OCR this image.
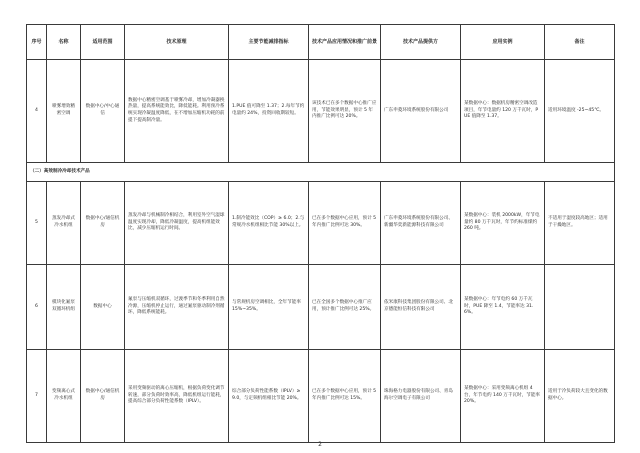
序号	名称	适用范围	技术原理	主要节能减排指标	技术产品应用情况和推广前景	技术产品提供方	应用实例	备注
4	喷雾增效精密空调	数据中心/中心通信	数据中心精密空调基于喷雾冷却，增加冷凝器换热量，提高系统能效比，降低能耗。利用预冷系统实现冷凝温度降低，在不增加压缩机功耗的前提下提高制冷量。	1.PUE 值可降至 1.37；2.每年节约电量约 24%，投资回收期较短。	该技术已在多个数据中心推广应用，节能效果明显，预计 5 年内推广比例可达 20%。	广东申菱环境系统股份有限公司	某数据中心：数据机房精密空调改造项目，年节电量约 120 万千瓦时，PUE 值降至 1.37。	适用环境温度 -25~45℃。
（二）高效制冷冷却技术产品								
5	蒸发冷却式冷水机组	数据中心/通信机房	蒸发冷却与机械制冷相结合，利用室外空气湿球温度实现冷却，降低冷凝温度，提高机组能效比，减少压缩机运行时间。	1.制冷能效比（COP）≥ 6.0；2.与常规冷水机组相比节能 30%以上。	已在多个数据中心应用，预计 5 年内推广比例可达 30%。	广东申菱环境系统股份有限公司、新疆华奕新能源科技有限公司	某数据中心：装机 2000kW，年节电量约 80 万千瓦时，年节约标准煤约 260 吨。	不适用于湿度较高地区；适用于干燥地区。
6	模块化氟泵双循环机组	数据中心	氟泵与压缩机双循环，过渡季节和冬季利用自然冷源，压缩机停止运行，通过氟泵驱动制冷剂循环，降低系统能耗。	与常规机房空调相比，全年节能率 15%~35%。	已在全国多个数据中心推广应用，预计推广比例可达 25%。	依米康科技集团股份有限公司、北京德能恒信科技有限公司	某数据中心：年节电约 60 万千瓦时，PUE 降至 1.4，节能率达 31.6%。	
7	变频离心式冷水机组	数据中心/通信机房	采用变频驱动的离心压缩机，根据负荷变化调节转速，部分负荷时效率高，降低机组运行能耗，提高综合部分负荷性能系数（IPLV）。	综合部分负荷性能系数（IPLV）≥ 9.0，与定频机组相比节能 20%。	已在多个数据中心应用，预计 5 年内推广比例可达 15%。	珠海格力电器股份有限公司、青岛海尔空调电子有限公司	某数据中心：采用变频离心机组 4 台，年节电约 140 万千瓦时，节能率 20%。	适用于冷负荷较大且变化的数据中心。
2
